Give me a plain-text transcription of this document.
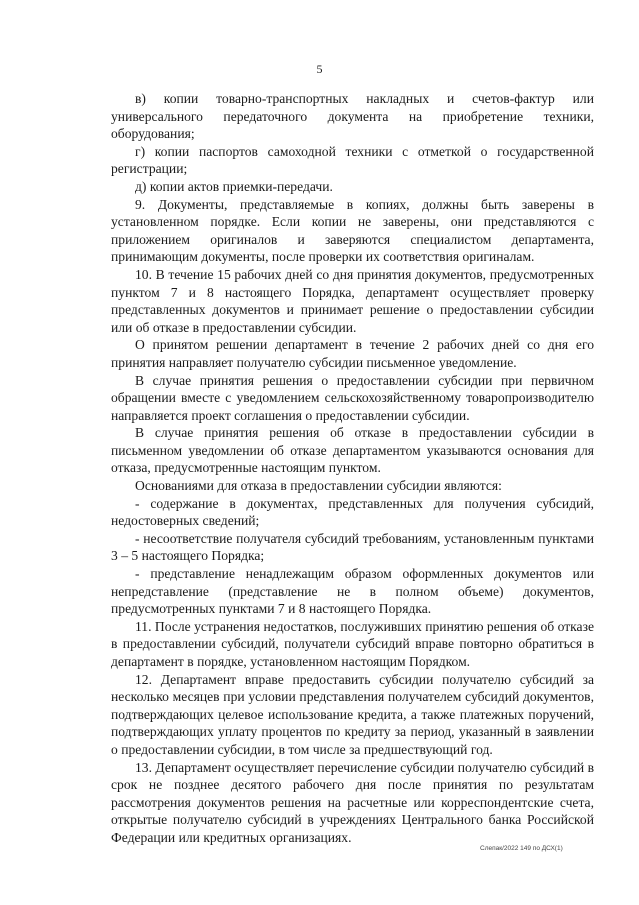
5

в) копии товарно-транспортных накладных и счетов-фактур или универсального передаточного документа на приобретение техники, оборудования;

г) копии паспортов самоходной техники с отметкой о государственной регистрации;

д) копии актов приемки-передачи.

9. Документы, представляемые в копиях, должны быть заверены в установленном порядке. Если копии не заверены, они представляются с приложением оригиналов и заверяются специалистом департамента, принимающим документы, после проверки их соответствия оригиналам.

10. В течение 15 рабочих дней со дня принятия документов, предусмотренных пунктом 7 и 8 настоящего Порядка, департамент осуществляет проверку представленных документов и принимает решение о предоставлении субсидии или об отказе в предоставлении субсидии.

О принятом решении департамент в течение 2 рабочих дней со дня его принятия направляет получателю субсидии письменное уведомление.

В случае принятия решения о предоставлении субсидии при первичном обращении вместе с уведомлением сельскохозяйственному товаропроизводителю направляется проект соглашения о предоставлении субсидии.

В случае принятия решения об отказе в предоставлении субсидии в письменном уведомлении об отказе департаментом указываются основания для отказа, предусмотренные настоящим пунктом.

Основаниями для отказа в предоставлении субсидии являются:

- содержание в документах, представленных для получения субсидий, недостоверных сведений;

- несоответствие получателя субсидий требованиям, установленным пунктами 3 – 5 настоящего Порядка;

- представление ненадлежащим образом оформленных документов или непредставление (представление не в полном объеме) документов, предусмотренных пунктами 7 и 8 настоящего Порядка.

11. После устранения недостатков, послуживших принятию решения об отказе в предоставлении субсидий, получатели субсидий вправе повторно обратиться в департамент в порядке, установленном настоящим Порядком.

12. Департамент вправе предоставить субсидии получателю субсидий за несколько месяцев при условии представления получателем субсидий документов, подтверждающих целевое использование кредита, а также платежных поручений, подтверждающих уплату процентов по кредиту за период, указанный в заявлении о предоставлении субсидии, в том числе за предшествующий год.

13. Департамент осуществляет перечисление субсидии получателю субсидий в срок не позднее десятого рабочего дня после принятия по результатам рассмотрения документов решения на расчетные или корреспондентские счета, открытые получателю субсидий в учреждениях Центрального банка Российской Федерации или кредитных организациях.

Слепак/2022 149 по ДСХ(1)
